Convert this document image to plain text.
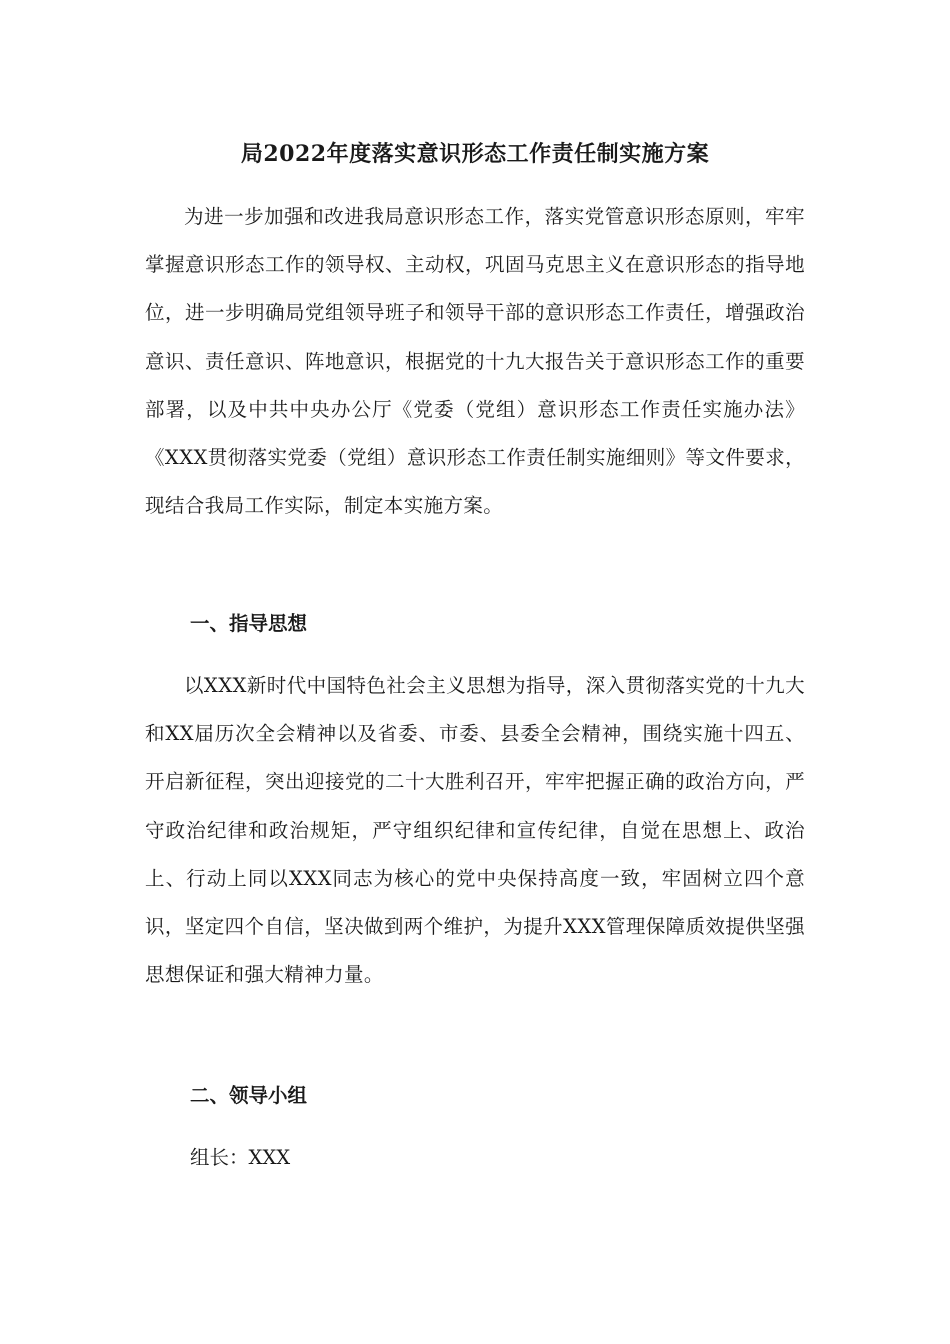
局2022年度落实意识形态工作责任制实施方案

为进一步加强和改进我局意识形态工作，落实党管意识形态原则，牢牢掌握意识形态工作的领导权、主动权，巩固马克思主义在意识形态的指导地位，进一步明确局党组领导班子和领导干部的意识形态工作责任，增强政治意识、责任意识、阵地意识，根据党的十九大报告关于意识形态工作的重要部署，以及中共中央办公厅《党委（党组）意识形态工作责任实施办法》《XXX贯彻落实党委（党组）意识形态工作责任制实施细则》等文件要求，现结合我局工作实际，制定本实施方案。

一、指导思想

以XXX新时代中国特色社会主义思想为指导，深入贯彻落实党的十九大和XX届历次全会精神以及省委、市委、县委全会精神，围绕实施十四五、开启新征程，突出迎接党的二十大胜利召开，牢牢把握正确的政治方向，严守政治纪律和政治规矩，严守组织纪律和宣传纪律，自觉在思想上、政治上、行动上同以XXX同志为核心的党中央保持高度一致，牢固树立四个意识，坚定四个自信，坚决做到两个维护，为提升XXX管理保障质效提供坚强思想保证和强大精神力量。

二、领导小组

组长：XXX
